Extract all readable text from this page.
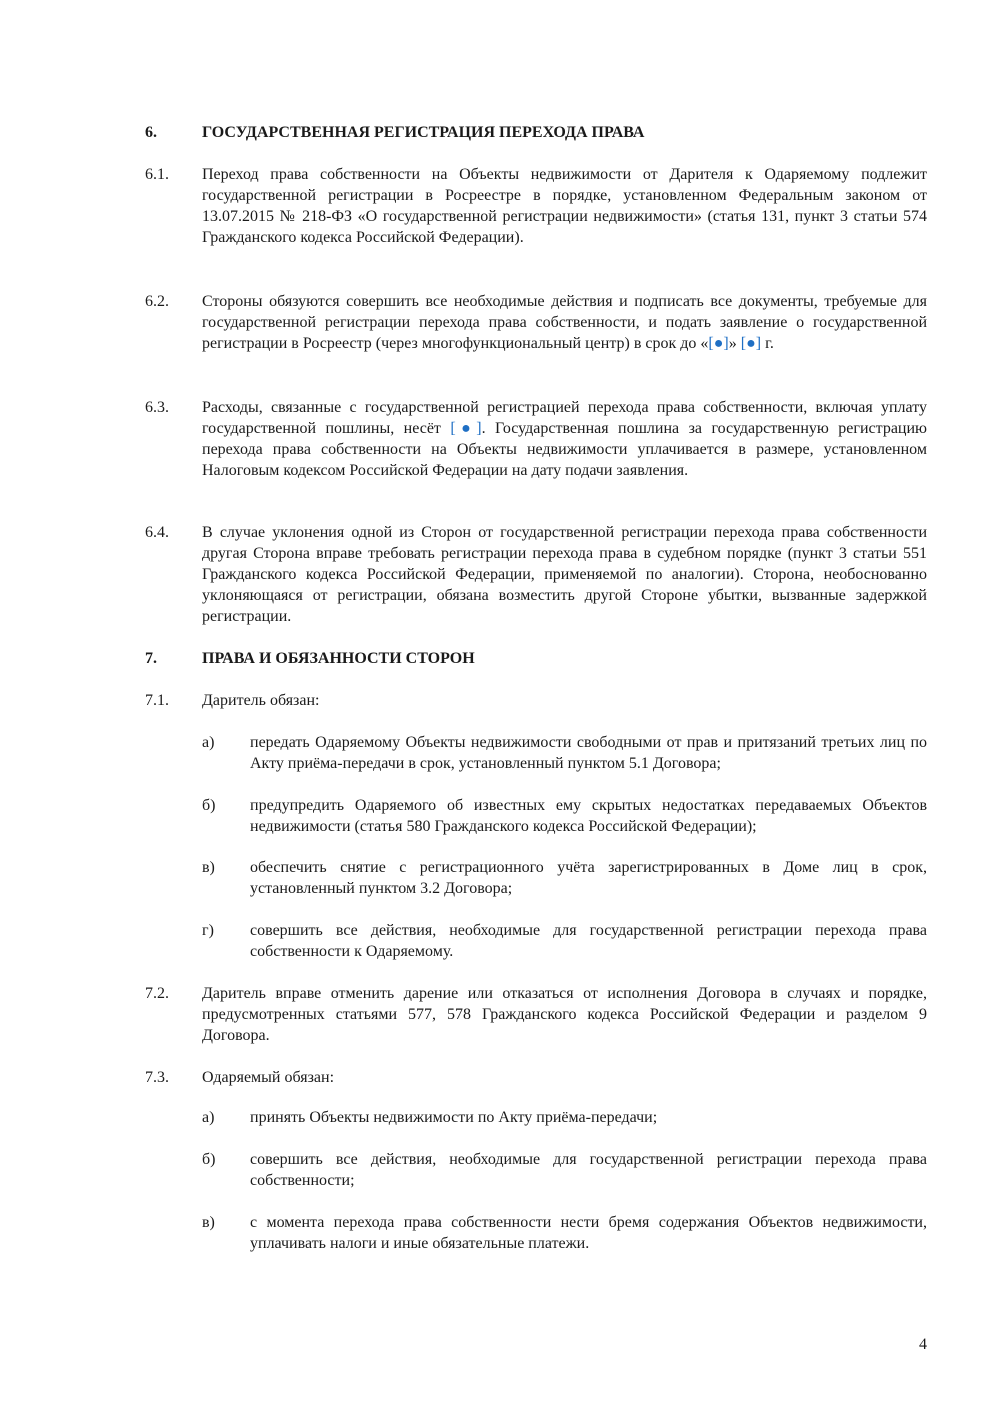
6.	ГОСУДАРСТВЕННАЯ РЕГИСТРАЦИЯ ПЕРЕХОДА ПРАВА
6.1.	Переход права собственности на Объекты недвижимости от Дарителя к Одаряемому подлежит государственной регистрации в Росреестре в порядке, установленном Федеральным законом от 13.07.2015 № 218-ФЗ «О государственной регистрации недвижимости» (статья 131, пункт 3 статьи 574 Гражданского кодекса Российской Федерации).
6.2.	Стороны обязуются совершить все необходимые действия и подписать все документы, требуемые для государственной регистрации перехода права собственности, и подать заявление о государственной регистрации в Росреестр (через многофункциональный центр) в срок до «[●]» [●] г.
6.3.	Расходы, связанные с государственной регистрацией перехода права собственности, включая уплату государственной пошлины, несёт [●]. Государственная пошлина за государственную регистрацию перехода права собственности на Объекты недвижимости уплачивается в размере, установленном Налоговым кодексом Российской Федерации на дату подачи заявления.
6.4.	В случае уклонения одной из Сторон от государственной регистрации перехода права собственности другая Сторона вправе требовать регистрации перехода права в судебном порядке (пункт 3 статьи 551 Гражданского кодекса Российской Федерации, применяемой по аналогии). Сторона, необоснованно уклоняющаяся от регистрации, обязана возместить другой Стороне убытки, вызванные задержкой регистрации.
7.	ПРАВА И ОБЯЗАННОСТИ СТОРОН
7.1.	Даритель обязан:
а)	передать Одаряемому Объекты недвижимости свободными от прав и притязаний третьих лиц по Акту приёма-передачи в срок, установленный пунктом 5.1 Договора;
б)	предупредить Одаряемого об известных ему скрытых недостатках передаваемых Объектов недвижимости (статья 580 Гражданского кодекса Российской Федерации);
в)	обеспечить снятие с регистрационного учёта зарегистрированных в Доме лиц в срок, установленный пунктом 3.2 Договора;
г)	совершить все действия, необходимые для государственной регистрации перехода права собственности к Одаряемому.
7.2.	Даритель вправе отменить дарение или отказаться от исполнения Договора в случаях и порядке, предусмотренных статьями 577, 578 Гражданского кодекса Российской Федерации и разделом 9 Договора.
7.3.	Одаряемый обязан:
а)	принять Объекты недвижимости по Акту приёма-передачи;
б)	совершить все действия, необходимые для государственной регистрации перехода права собственности;
в)	с момента перехода права собственности нести бремя содержания Объектов недвижимости, уплачивать налоги и иные обязательные платежи.
4
